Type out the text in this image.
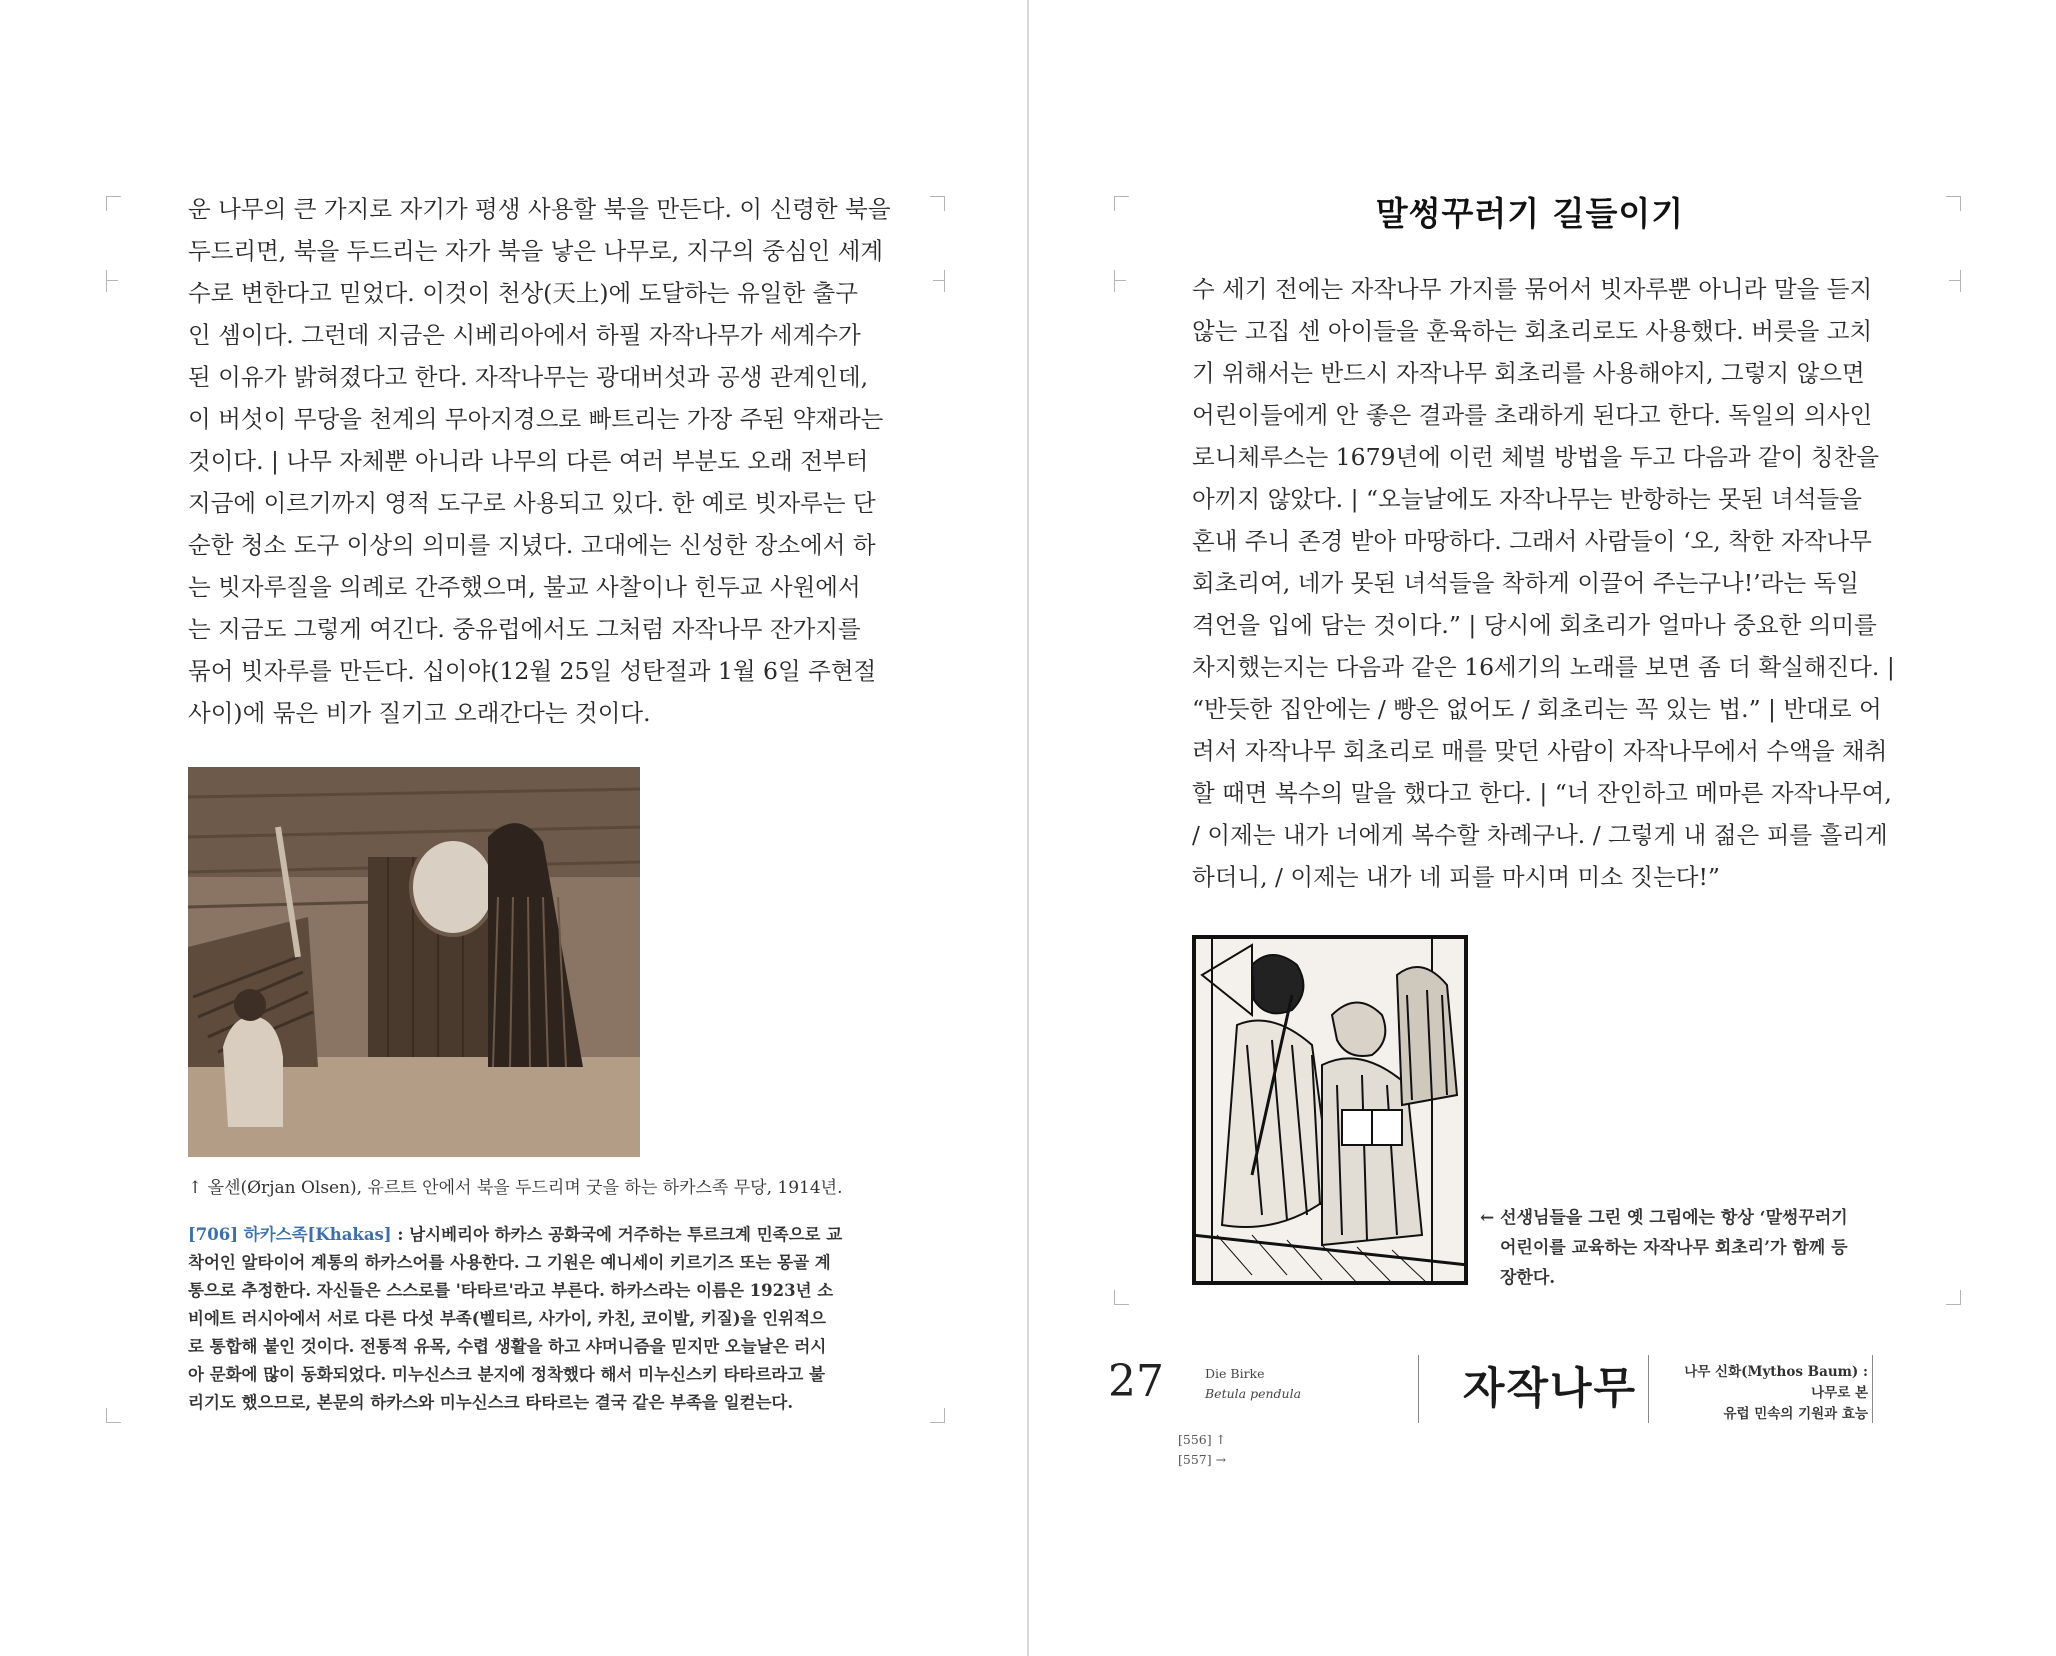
운 나무의 큰 가지로 자기가 평생 사용할 북을 만든다. 이 신령한 북을
두드리면, 북을 두드리는 자가 북을 낳은 나무로, 지구의 중심인 세계
수로 변한다고 믿었다. 이것이 천상(天上)에 도달하는 유일한 출구
인 셈이다. 그런데 지금은 시베리아에서 하필 자작나무가 세계수가
된 이유가 밝혀졌다고 한다. 자작나무는 광대버섯과 공생 관계인데,
이 버섯이 무당을 천계의 무아지경으로 빠트리는 가장 주된 약재라는
것이다. | 나무 자체뿐 아니라 나무의 다른 여러 부분도 오래 전부터
지금에 이르기까지 영적 도구로 사용되고 있다. 한 예로 빗자루는 단
순한 청소 도구 이상의 의미를 지녔다. 고대에는 신성한 장소에서 하
는 빗자루질을 의례로 간주했으며, 불교 사찰이나 힌두교 사원에서
는 지금도 그렇게 여긴다. 중유럽에서도 그처럼 자작나무 잔가지를
묶어 빗자루를 만든다. 십이야(12월 25일 성탄절과 1월 6일 주현절
사이)에 묶은 비가 질기고 오래간다는 것이다.
↑ 올센(Ørjan Olsen), 유르트 안에서 북을 두드리며 굿을 하는 하카스족 무당, 1914년.
[706] 하카스족[Khakas] : 남시베리아 하카스 공화국에 거주하는 투르크계 민족으로 교
착어인 알타이어 계통의 하카스어를 사용한다. 그 기원은 예니세이 키르기즈 또는 몽골 계
통으로 추정한다. 자신들은 스스로를 '타타르'라고 부른다. 하카스라는 이름은 1923년 소
비에트 러시아에서 서로 다른 다섯 부족(벨티르, 사가이, 카친, 코이발, 키질)을 인위적으
로 통합해 붙인 것이다. 전통적 유목, 수렵 생활을 하고 샤머니즘을 믿지만 오늘날은 러시
아 문화에 많이 동화되었다. 미누신스크 분지에 정착했다 해서 미누신스키 타타르라고 불
리기도 했으므로, 본문의 하카스와 미누신스크 타타르는 결국 같은 부족을 일컫는다.
말썽꾸러기 길들이기
수 세기 전에는 자작나무 가지를 묶어서 빗자루뿐 아니라 말을 듣지
않는 고집 센 아이들을 훈육하는 회초리로도 사용했다. 버릇을 고치
기 위해서는 반드시 자작나무 회초리를 사용해야지, 그렇지 않으면
어린이들에게 안 좋은 결과를 초래하게 된다고 한다. 독일의 의사인
로니체루스는 1679년에 이런 체벌 방법을 두고 다음과 같이 칭찬을
아끼지 않았다. | “오늘날에도 자작나무는 반항하는 못된 녀석들을
혼내 주니 존경 받아 마땅하다. 그래서 사람들이 ‘오, 착한 자작나무
회초리여, 네가 못된 녀석들을 착하게 이끌어 주는구나!’라는 독일
격언을 입에 담는 것이다.” | 당시에 회초리가 얼마나 중요한 의미를
차지했는지는 다음과 같은 16세기의 노래를 보면 좀 더 확실해진다. |
“반듯한 집안에는 / 빵은 없어도 / 회초리는 꼭 있는 법.” | 반대로 어
려서 자작나무 회초리로 매를 맞던 사람이 자작나무에서 수액을 채취
할 때면 복수의 말을 했다고 한다. | “너 잔인하고 메마른 자작나무여,
/ 이제는 내가 너에게 복수할 차례구나. / 그렇게 내 젊은 피를 흘리게
하더니, / 이제는 내가 네 피를 마시며 미소 짓는다!”
← 선생님들을 그린 옛 그림에는 항상 ‘말썽꾸러기
어린이를 교육하는 자작나무 회초리’가 함께 등
장한다.
27	Die Birke
Betula pendula	자작나무	나무 신화(Mythos Baum) :
나무로 본
유럽 민속의 기원과 효능
[556] ↑
[557] →
